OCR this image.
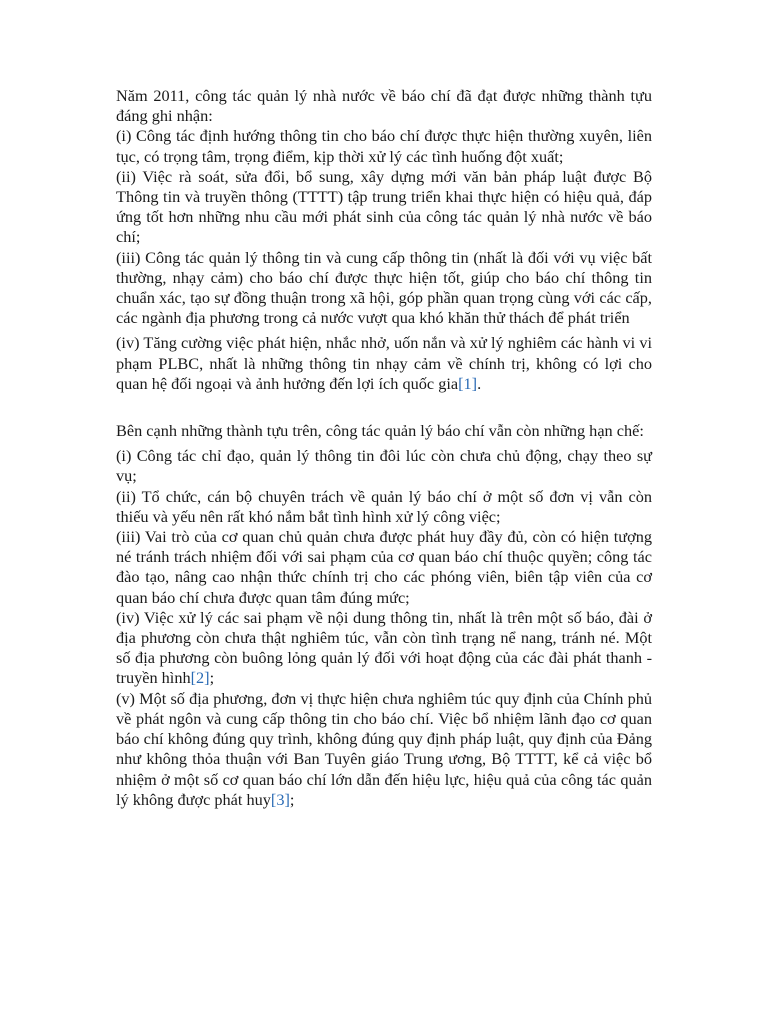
Năm 2011, công tác quản lý nhà nước về báo chí đã đạt được những thành tựu đáng ghi nhận:

(i) Công tác định hướng thông tin cho báo chí được thực hiện thường xuyên, liên tục, có trọng tâm, trọng điểm, kịp thời xử lý các tình huống đột xuất;

(ii) Việc rà soát, sửa đổi, bổ sung, xây dựng mới văn bản pháp luật được Bộ Thông tin và truyền thông (TTTT) tập trung triển khai thực hiện có hiệu quả, đáp ứng tốt hơn những nhu cầu mới phát sinh của công tác quản lý nhà nước về báo chí;

(iii) Công tác quản lý thông tin và cung cấp thông tin (nhất là đối với vụ việc bất thường, nhạy cảm) cho báo chí được thực hiện tốt, giúp cho báo chí thông tin chuẩn xác, tạo sự đồng thuận trong xã hội, góp phần quan trọng cùng với các cấp, các ngành địa phương trong cả nước vượt qua khó khăn thử thách để phát triển

(iv) Tăng cường việc phát hiện, nhắc nhở, uốn nắn và xử lý nghiêm các hành vi vi phạm PLBC, nhất là những thông tin nhạy cảm về chính trị, không có lợi cho quan hệ đối ngoại và ảnh hưởng đến lợi ích quốc gia[1].

Bên cạnh những thành tựu trên, công tác quản lý báo chí vẫn còn những hạn chế:

(i) Công tác chỉ đạo, quản lý thông tin đôi lúc còn chưa chủ động, chạy theo sự vụ;

(ii) Tổ chức, cán bộ chuyên trách về quản lý báo chí ở một số đơn vị vẫn còn thiếu và yếu nên rất khó nắm bắt tình hình xử lý công việc;

(iii) Vai trò của cơ quan chủ quản chưa được phát huy đầy đủ, còn có hiện tượng né tránh trách nhiệm đối với sai phạm của cơ quan báo chí thuộc quyền; công tác đào tạo, nâng cao nhận thức chính trị cho các phóng viên, biên tập viên của cơ quan báo chí chưa được quan tâm đúng mức;

(iv) Việc xử lý các sai phạm về nội dung thông tin, nhất là trên một số báo, đài ở địa phương còn chưa thật nghiêm túc, vẫn còn tình trạng nể nang, tránh né. Một số địa phương còn buông lỏng quản lý đối với hoạt động của các đài phát thanh - truyền hình[2];

(v) Một số địa phương, đơn vị thực hiện chưa nghiêm túc quy định của Chính phủ về phát ngôn và cung cấp thông tin cho báo chí. Việc bổ nhiệm lãnh đạo cơ quan báo chí không đúng quy trình, không đúng quy định pháp luật, quy định của Đảng như không thỏa thuận với Ban Tuyên giáo Trung ương, Bộ TTTT, kể cả việc bổ nhiệm ở một số cơ quan báo chí lớn dẫn đến hiệu lực, hiệu quả của công tác quản lý không được phát huy[3];
